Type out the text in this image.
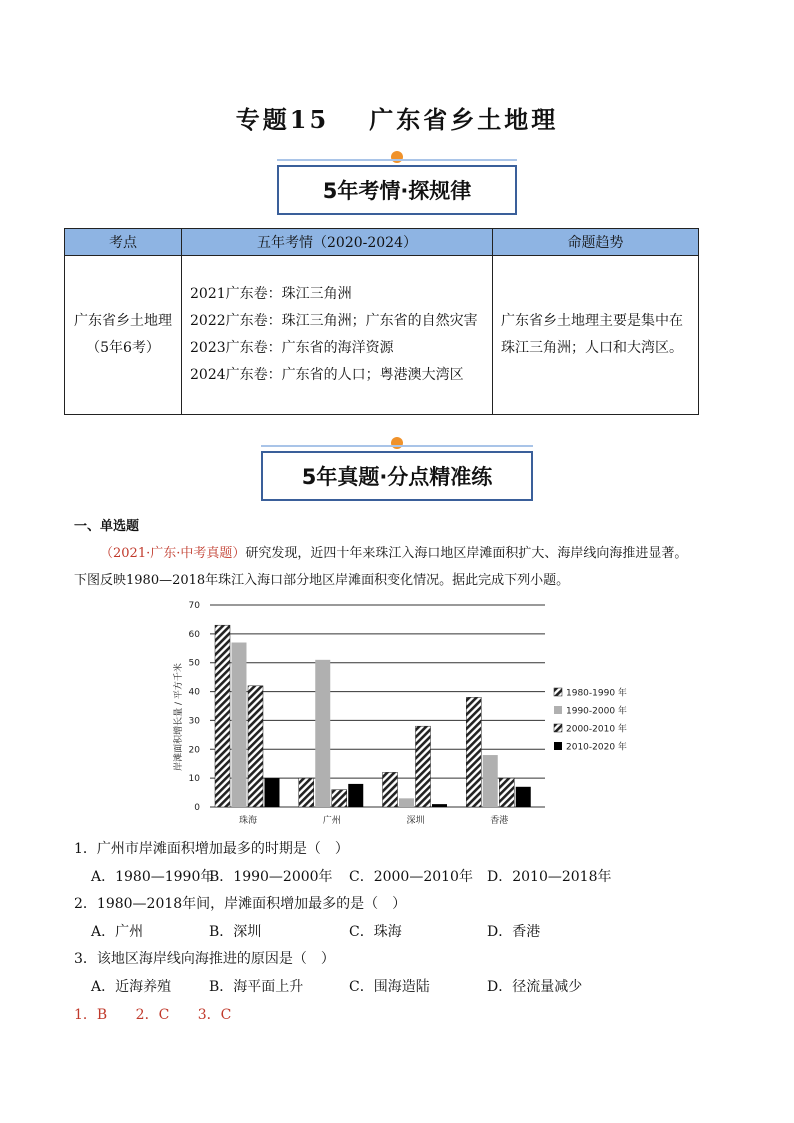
专题15 广东省乡土地理
5年考情·探规律
考点	五年考情（2020-2024）	命题趋势
广东省乡土地理（5年6考）	2021广东卷：珠江三角洲
2022广东卷：珠江三角洲；广东省的自然灾害
2023广东卷：广东省的海洋资源
2024广东卷：广东省的人口；粤港澳大湾区	广东省乡土地理主要是集中在珠江三角洲；人口和大湾区。
5年真题·分点精准练
一、单选题
（2021·广东·中考真题）研究发现，近四十年来珠江入海口地区岸滩面积扩大、海岸线向海推进显著。
下图反映1980—2018年珠江入海口部分地区岸滩面积变化情况。据此完成下列小题。
0
10
20
30
40
50
60
70
珠海	广州	深圳	香港
岸滩面积增长量 / 平方千米	1980-1990 年
1990-2000 年
2000-2010 年
2010-2020 年
1．广州市岸滩面积增加最多的时期是（　）
A．1980—1990年
B．1990—2000年 C．2000—2010年 D．2010—2018年
2．1980—2018年间，岸滩面积增加最多的是（　）
A．广州	B．深圳	C．珠海	D．香港
3．该地区海岸线向海推进的原因是（　）
A．近海养殖	B．海平面上升	C．围海造陆	D．径流量减少
1．B 2．C 3．C
